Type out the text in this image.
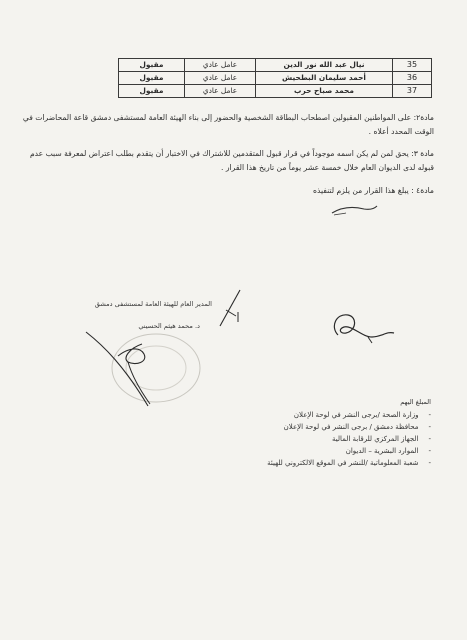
35	نيال عبد الله نور الدين	عامل عادي	مقبول
36	أحمد سليمان البطحيش	عامل عادي	مقبول
37	محمد صباح حرب	عامل عادي	مقبول
مادة٢: على المواطنين المقبولين اصطحاب البطاقة الشخصية والحضور إلى بناء الهيئة العامة لمستشفى دمشق قاعة المحاضرات في الوقت المحدد أعلاه .
مادة ٣: يحق لمن لم يكن اسمه موجوداً في قرار قبول المتقدمين للاشتراك في الاختبار أن يتقدم بطلب اعتراض لمعرفة سبب عدم قبوله لدى الديوان العام خلال خمسة عشر يوماً من تاريخ هذا القرار .
مادة٤ : يبلغ هذا القرار من يلزم لتنفيذه
المدير العام للهيئة العامة لمستشفى دمشق
د. محمد هيثم الحسيني
المبلغ اليهم
-وزارة الصحة /برجى النشر في لوحة الإعلان
-محافظة دمشق / برجى النشر في لوحة الإعلان
-الجهاز المركزي للرقابة المالية
-الموارد البشرية – الديوان
-شعبة المعلوماتية /للنشر في الموقع الالكتروني للهيئة
